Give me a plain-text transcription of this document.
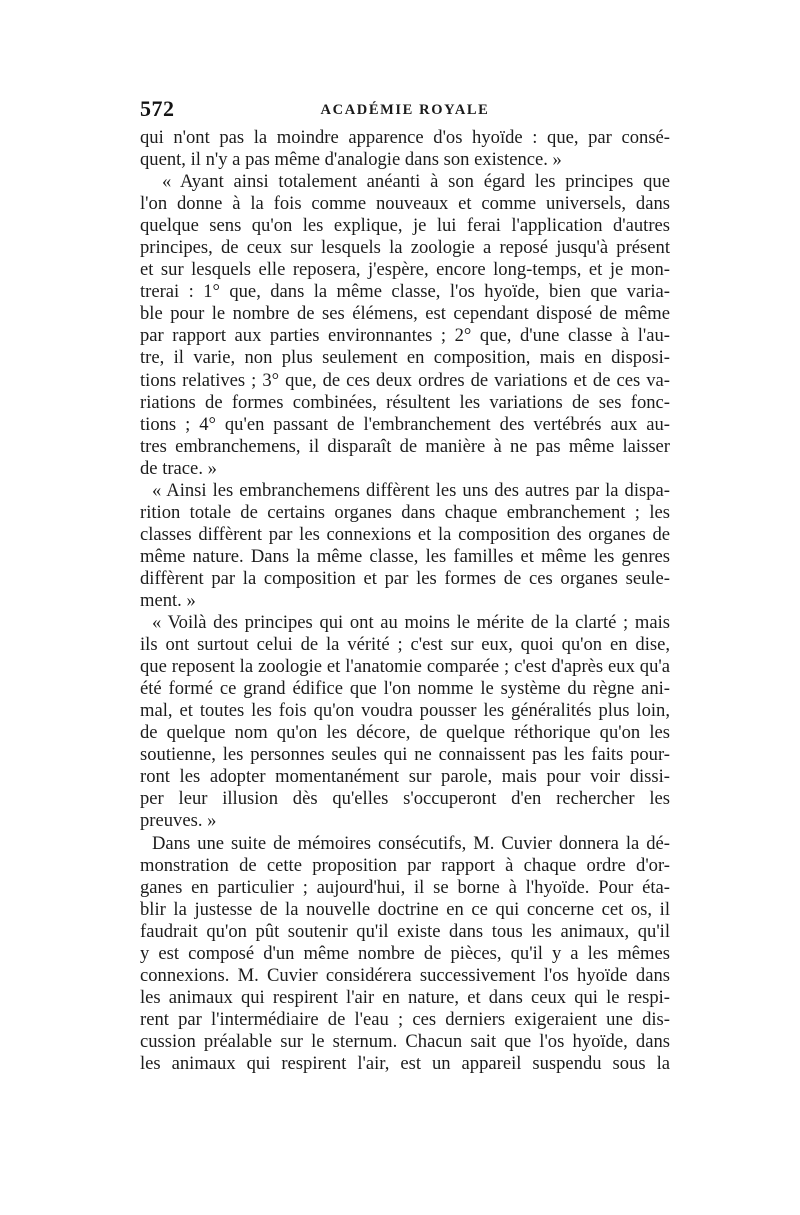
572	ACADÉMIE ROYALE
qui n'ont pas la moindre apparence d'os hyoïde : que, par consé-
quent, il n'y a pas même d'analogie dans son existence. »
« Ayant ainsi totalement anéanti à son égard les principes que
l'on donne à la fois comme nouveaux et comme universels, dans
quelque sens qu'on les explique, je lui ferai l'application d'autres
principes, de ceux sur lesquels la zoologie a reposé jusqu'à présent
et sur lesquels elle reposera, j'espère, encore long-temps, et je mon-
trerai : 1° que, dans la même classe, l'os hyoïde, bien que varia-
ble pour le nombre de ses élémens, est cependant disposé de même
par rapport aux parties environnantes ; 2° que, d'une classe à l'au-
tre, il varie, non plus seulement en composition, mais en disposi-
tions relatives ; 3° que, de ces deux ordres de variations et de ces va-
riations de formes combinées, résultent les variations de ses fonc-
tions ; 4° qu'en passant de l'embranchement des vertébrés aux au-
tres embranchemens, il disparaît de manière à ne pas même laisser
de trace. »
« Ainsi les embranchemens diffèrent les uns des autres par la dispa-
rition totale de certains organes dans chaque embranchement ; les
classes diffèrent par les connexions et la composition des organes de
même nature. Dans la même classe, les familles et même les genres
diffèrent par la composition et par les formes de ces organes seule-
ment. »
« Voilà des principes qui ont au moins le mérite de la clarté ; mais
ils ont surtout celui de la vérité ; c'est sur eux, quoi qu'on en dise,
que reposent la zoologie et l'anatomie comparée ; c'est d'après eux qu'a
été formé ce grand édifice que l'on nomme le système du règne ani-
mal, et toutes les fois qu'on voudra pousser les généralités plus loin,
de quelque nom qu'on les décore, de quelque réthorique qu'on les
soutienne, les personnes seules qui ne connaissent pas les faits pour-
ront les adopter momentanément sur parole, mais pour voir dissi-
per leur illusion dès qu'elles s'occuperont d'en rechercher les
preuves. »
Dans une suite de mémoires consécutifs, M. Cuvier donnera la dé-
monstration de cette proposition par rapport à chaque ordre d'or-
ganes en particulier ; aujourd'hui, il se borne à l'hyoïde. Pour éta-
blir la justesse de la nouvelle doctrine en ce qui concerne cet os, il
faudrait qu'on pût soutenir qu'il existe dans tous les animaux, qu'il
y est composé d'un même nombre de pièces, qu'il y a les mêmes
connexions. M. Cuvier considérera successivement l'os hyoïde dans
les animaux qui respirent l'air en nature, et dans ceux qui le respi-
rent par l'intermédiaire de l'eau ; ces derniers exigeraient une dis-
cussion préalable sur le sternum. Chacun sait que l'os hyoïde, dans
les animaux qui respirent l'air, est un appareil suspendu sous la
